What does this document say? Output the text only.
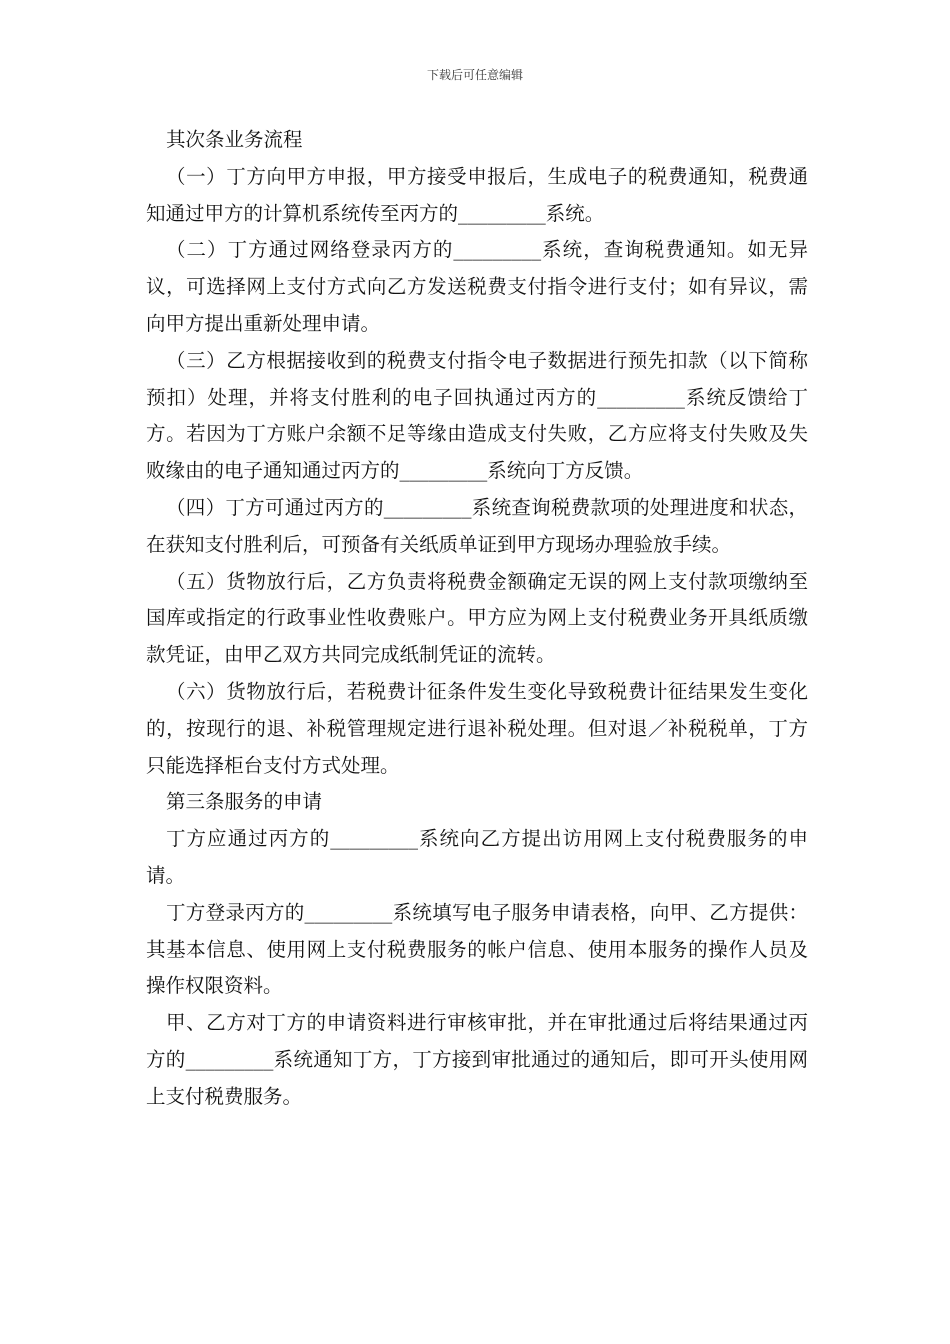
下载后可任意编辑

其次条业务流程

（一）丁方向甲方申报，甲方接受申报后，生成电子的税费通知，税费通知通过甲方的计算机系统传至丙方的_________系统。

（二）丁方通过网络登录丙方的_________系统，查询税费通知。如无异议，可选择网上支付方式向乙方发送税费支付指令进行支付；如有异议，需向甲方提出重新处理申请。

（三）乙方根据接收到的税费支付指令电子数据进行预先扣款（以下简称预扣）处理，并将支付胜利的电子回执通过丙方的_________系统反馈给丁方。若因为丁方账户余额不足等缘由造成支付失败，乙方应将支付失败及失败缘由的电子通知通过丙方的_________系统向丁方反馈。

（四）丁方可通过丙方的_________系统查询税费款项的处理进度和状态，在获知支付胜利后，可预备有关纸质单证到甲方现场办理验放手续。

（五）货物放行后，乙方负责将税费金额确定无误的网上支付款项缴纳至国库或指定的行政事业性收费账户。甲方应为网上支付税费业务开具纸质缴款凭证，由甲乙双方共同完成纸制凭证的流转。

（六）货物放行后，若税费计征条件发生变化导致税费计征结果发生变化的，按现行的退、补税管理规定进行退补税处理。但对退／补税税单，丁方只能选择柜台支付方式处理。

第三条服务的申请

丁方应通过丙方的_________系统向乙方提出访用网上支付税费服务的申请。

丁方登录丙方的_________系统填写电子服务申请表格，向甲、乙方提供：其基本信息、使用网上支付税费服务的帐户信息、使用本服务的操作人员及操作权限资料。

甲、乙方对丁方的申请资料进行审核审批，并在审批通过后将结果通过丙方的_________系统通知丁方，丁方接到审批通过的通知后，即可开头使用网上支付税费服务。
